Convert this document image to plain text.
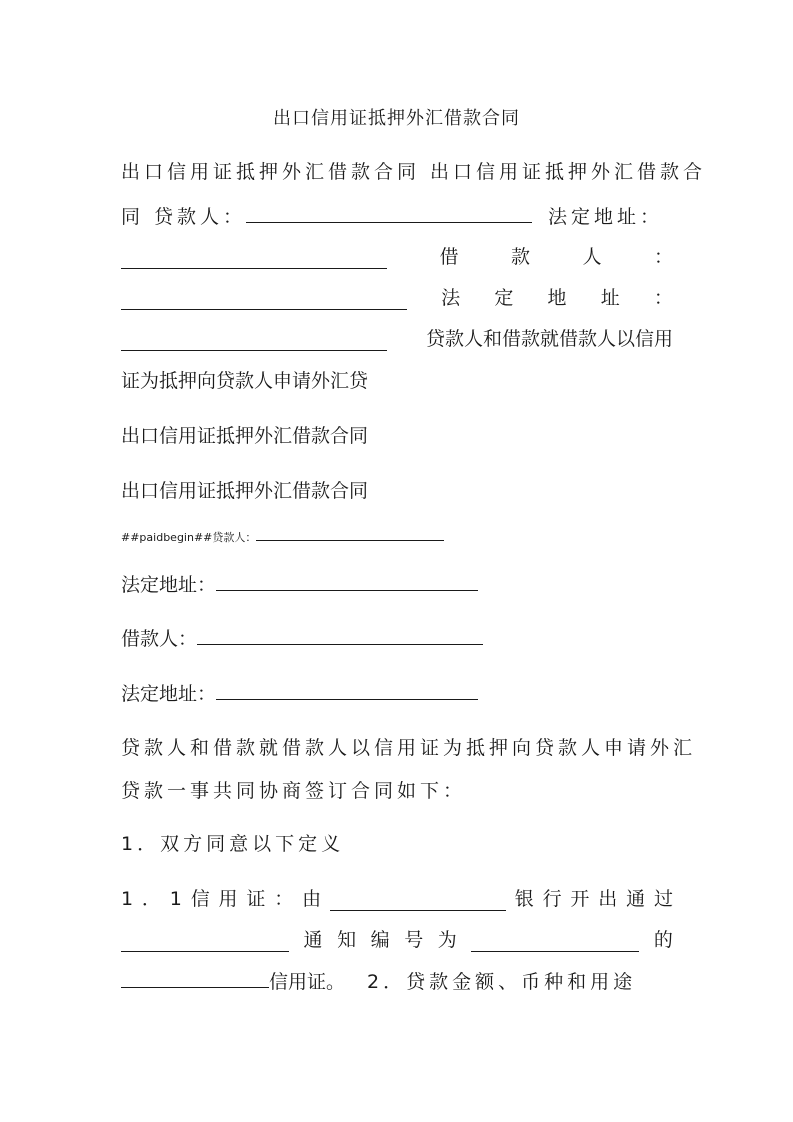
出口信用证抵押外汇借款合同
出口信用证抵押外汇借款合同 出口信用证抵押外汇借款合
同 贷款人：	法定地址：
借	款	人	：
法 定 地 址 ：
贷款人和借款就借款人以信用
证为抵押向贷款人申请外汇贷
出口信用证抵押外汇借款合同
出口信用证抵押外汇借款合同
##paidbegin##贷款人：
法定地址：
借款人：
法定地址：
贷款人和借款就借款人以信用证为抵押向贷款人申请外汇
贷款一事共同协商签订合同如下：
1．双方同意以下定义
1 ． 1 信 用 证 ： 由	银 行 开 出 通 过
通 知 编 号 为	的
信用证。 2．贷款金额、币种和用途
